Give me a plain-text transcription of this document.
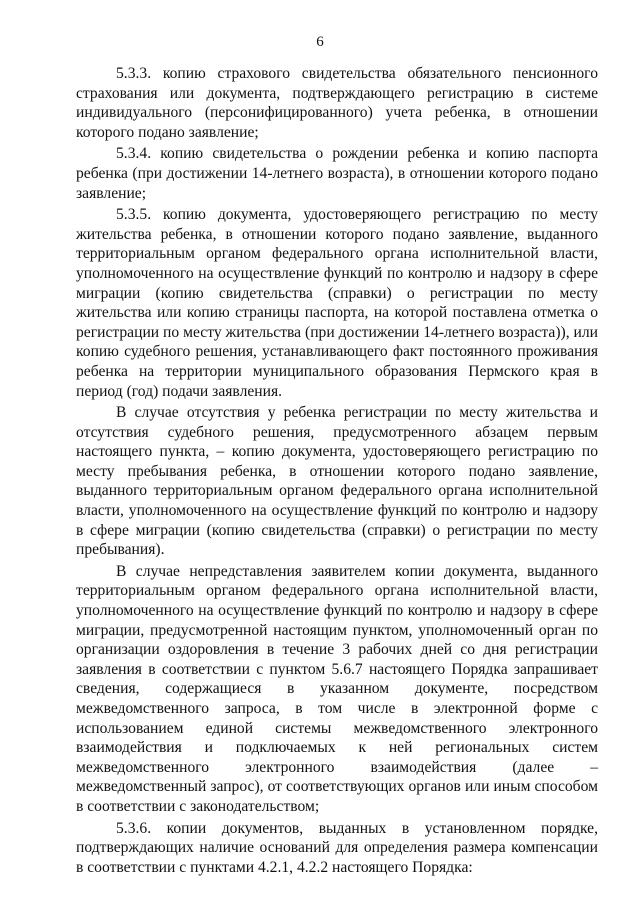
6

5.3.3. копию страхового свидетельства обязательного пенсионного страхования или документа, подтверждающего регистрацию в системе индивидуального (персонифицированного) учета ребенка, в отношении которого подано заявление;

5.3.4. копию свидетельства о рождении ребенка и копию паспорта ребенка (при достижении 14-летнего возраста), в отношении которого подано заявление;

5.3.5. копию документа, удостоверяющего регистрацию по месту жительства ребенка, в отношении которого подано заявление, выданного территориальным органом федерального органа исполнительной власти, уполномоченного на осуществление функций по контролю и надзору в сфере миграции (копию свидетельства (справки) о регистрации по месту жительства или копию страницы паспорта, на которой поставлена отметка о регистрации по месту жительства (при достижении 14-летнего возраста)), или копию судебного решения, устанавливающего факт постоянного проживания ребенка на территории муниципального образования Пермского края в период (год) подачи заявления.

В случае отсутствия у ребенка регистрации по месту жительства и отсутствия судебного решения, предусмотренного абзацем первым настоящего пункта, – копию документа, удостоверяющего регистрацию по месту пребывания ребенка, в отношении которого подано заявление, выданного территориальным органом федерального органа исполнительной власти, уполномоченного на осуществление функций по контролю и надзору в сфере миграции (копию свидетельства (справки) о регистрации по месту пребывания).

В случае непредставления заявителем копии документа, выданного территориальным органом федерального органа исполнительной власти, уполномоченного на осуществление функций по контролю и надзору в сфере миграции, предусмотренной настоящим пунктом, уполномоченный орган по организации оздоровления в течение 3 рабочих дней со дня регистрации заявления в соответствии с пунктом 5.6.7 настоящего Порядка запрашивает сведения, содержащиеся в указанном документе, посредством межведомственного запроса, в том числе в электронной форме с использованием единой системы межведомственного электронного взаимодействия и подключаемых к ней региональных систем межведомственного электронного взаимодействия (далее – межведомственный запрос), от соответствующих органов или иным способом в соответствии с законодательством;

5.3.6. копии документов, выданных в установленном порядке, подтверждающих наличие оснований для определения размера компенсации в соответствии с пунктами 4.2.1, 4.2.2 настоящего Порядка:
